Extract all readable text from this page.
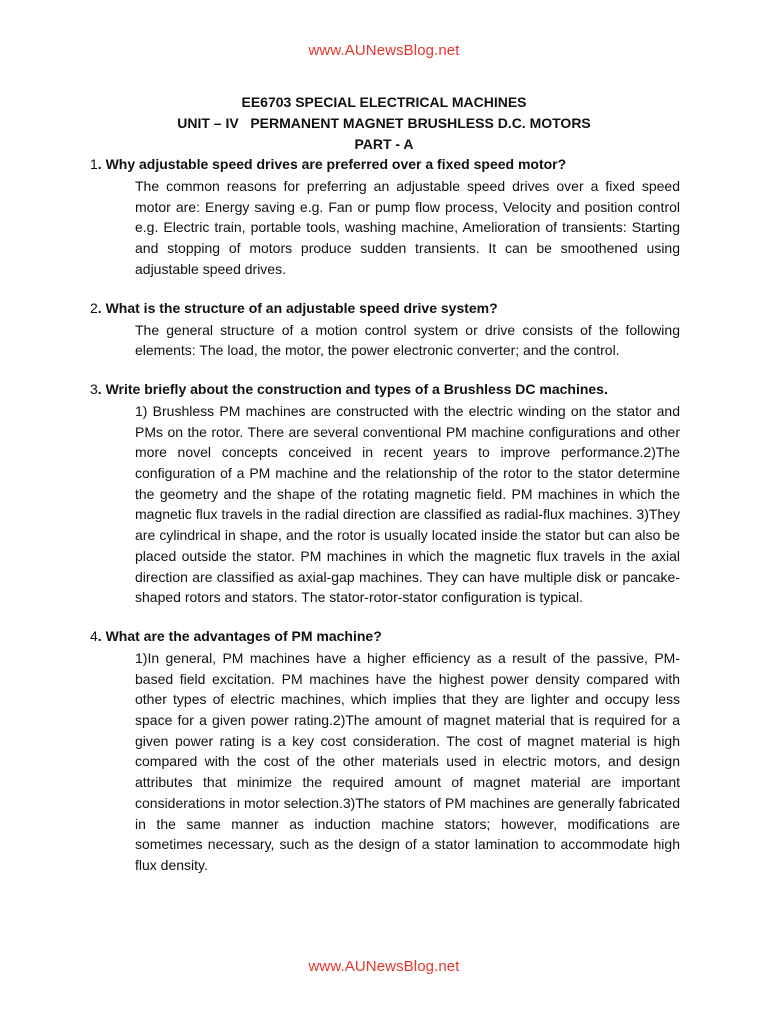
www.AUNewsBlog.net
EE6703 SPECIAL ELECTRICAL MACHINES
UNIT – IV   PERMANENT MAGNET BRUSHLESS D.C. MOTORS
PART - A

1. Why adjustable speed drives are preferred over a fixed speed motor?

The common reasons for preferring an adjustable speed drives over a fixed speed motor are: Energy saving e.g. Fan or pump flow process, Velocity and position control e.g. Electric train, portable tools, washing machine, Amelioration of transients: Starting and stopping of motors produce sudden transients. It can be smoothened using adjustable speed drives.

2. What is the structure of an adjustable speed drive system?

The general structure of a motion control system or drive consists of the following elements: The load, the motor, the power electronic converter; and the control.

3. Write briefly about the construction and types of a Brushless DC machines.

1) Brushless PM machines are constructed with the electric winding on the stator and PMs on the rotor. There are several conventional PM machine configurations and other more novel concepts conceived in recent years to improve performance.2)The configuration of a PM machine and the relationship of the rotor to the stator determine the geometry and the shape of the rotating magnetic field. PM machines in which the magnetic flux travels in the radial direction are classified as radial-flux machines. 3)They are cylindrical in shape, and the rotor is usually located inside the stator but can also be placed outside the stator. PM machines in which the magnetic flux travels in the axial direction are classified as axial-gap machines. They can have multiple disk or pancake-shaped rotors and stators. The stator-rotor-stator configuration is typical.

4. What are the advantages of PM machine?

1)In general, PM machines have a higher efficiency as a result of the passive, PM-based field excitation. PM machines have the highest power density compared with other types of electric machines, which implies that they are lighter and occupy less space for a given power rating.2)The amount of magnet material that is required for a given power rating is a key cost consideration. The cost of magnet material is high compared with the cost of the other materials used in electric motors, and design attributes that minimize the required amount of magnet material are important considerations in motor selection.3)The stators of PM machines are generally fabricated in the same manner as induction machine stators; however, modifications are sometimes necessary, such as the design of a stator lamination to accommodate high flux density.

www.AUNewsBlog.net
